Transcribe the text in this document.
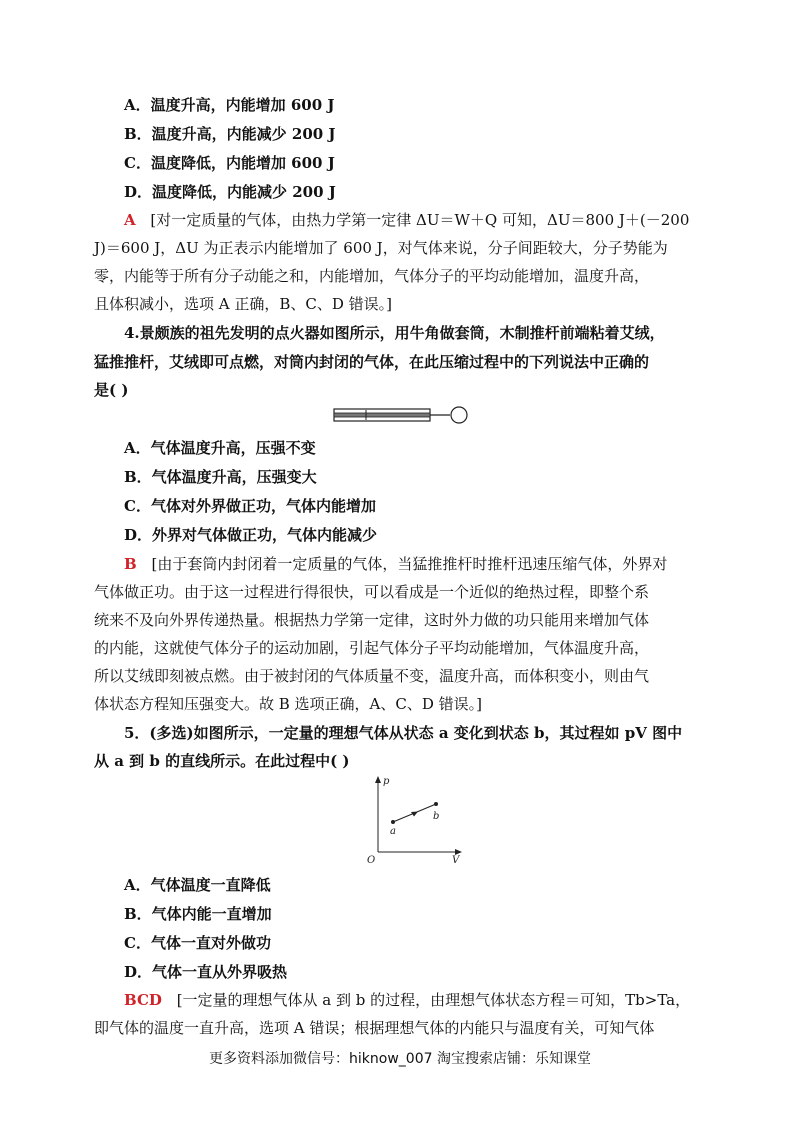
A．温度升高，内能增加 600 J
B．温度升高，内能减少 200 J
C．温度降低，内能增加 600 J
D．温度降低，内能减少 200 J
A [对一定质量的气体，由热力学第一定律 ΔU＝W＋Q 可知，ΔU＝800 J＋(－200
J)＝600 J，ΔU 为正表示内能增加了 600 J，对气体来说，分子间距较大，分子势能为
零，内能等于所有分子动能之和，内能增加，气体分子的平均动能增加，温度升高，
且体积减小，选项 A 正确，B、C、D 错误。]
4.景颇族的祖先发明的点火器如图所示，用牛角做套筒，木制推杆前端粘着艾绒，
猛推推杆，艾绒即可点燃，对筒内封闭的气体，在此压缩过程中的下列说法中正确的
是( )
A．气体温度升高，压强不变
B．气体温度升高，压强变大
C．气体对外界做正功，气体内能增加
D．外界对气体做正功，气体内能减少
B [由于套筒内封闭着一定质量的气体，当猛推推杆时推杆迅速压缩气体，外界对
气体做正功。由于这一过程进行得很快，可以看成是一个近似的绝热过程，即整个系
统来不及向外界传递热量。根据热力学第一定律，这时外力做的功只能用来增加气体
的内能，这就使气体分子的运动加剧，引起气体分子平均动能增加，气体温度升高，
所以艾绒即刻被点燃。由于被封闭的气体质量不变，温度升高，而体积变小，则由气
体状态方程知压强变大。故 B 选项正确，A、C、D 错误。]
5．(多选)如图所示，一定量的理想气体从状态 a 变化到状态 b，其过程如 pV 图中
从 a 到 b 的直线所示。在此过程中( )
p
V
O
a
b
A．气体温度一直降低
B．气体内能一直增加
C．气体一直对外做功
D．气体一直从外界吸热
BCD [一定量的理想气体从 a 到 b 的过程，由理想气体状态方程＝可知，Tb>Ta，
即气体的温度一直升高，选项 A 错误；根据理想气体的内能只与温度有关，可知气体
更多资料添加微信号：hiknow_007 淘宝搜索店铺：乐知课堂
